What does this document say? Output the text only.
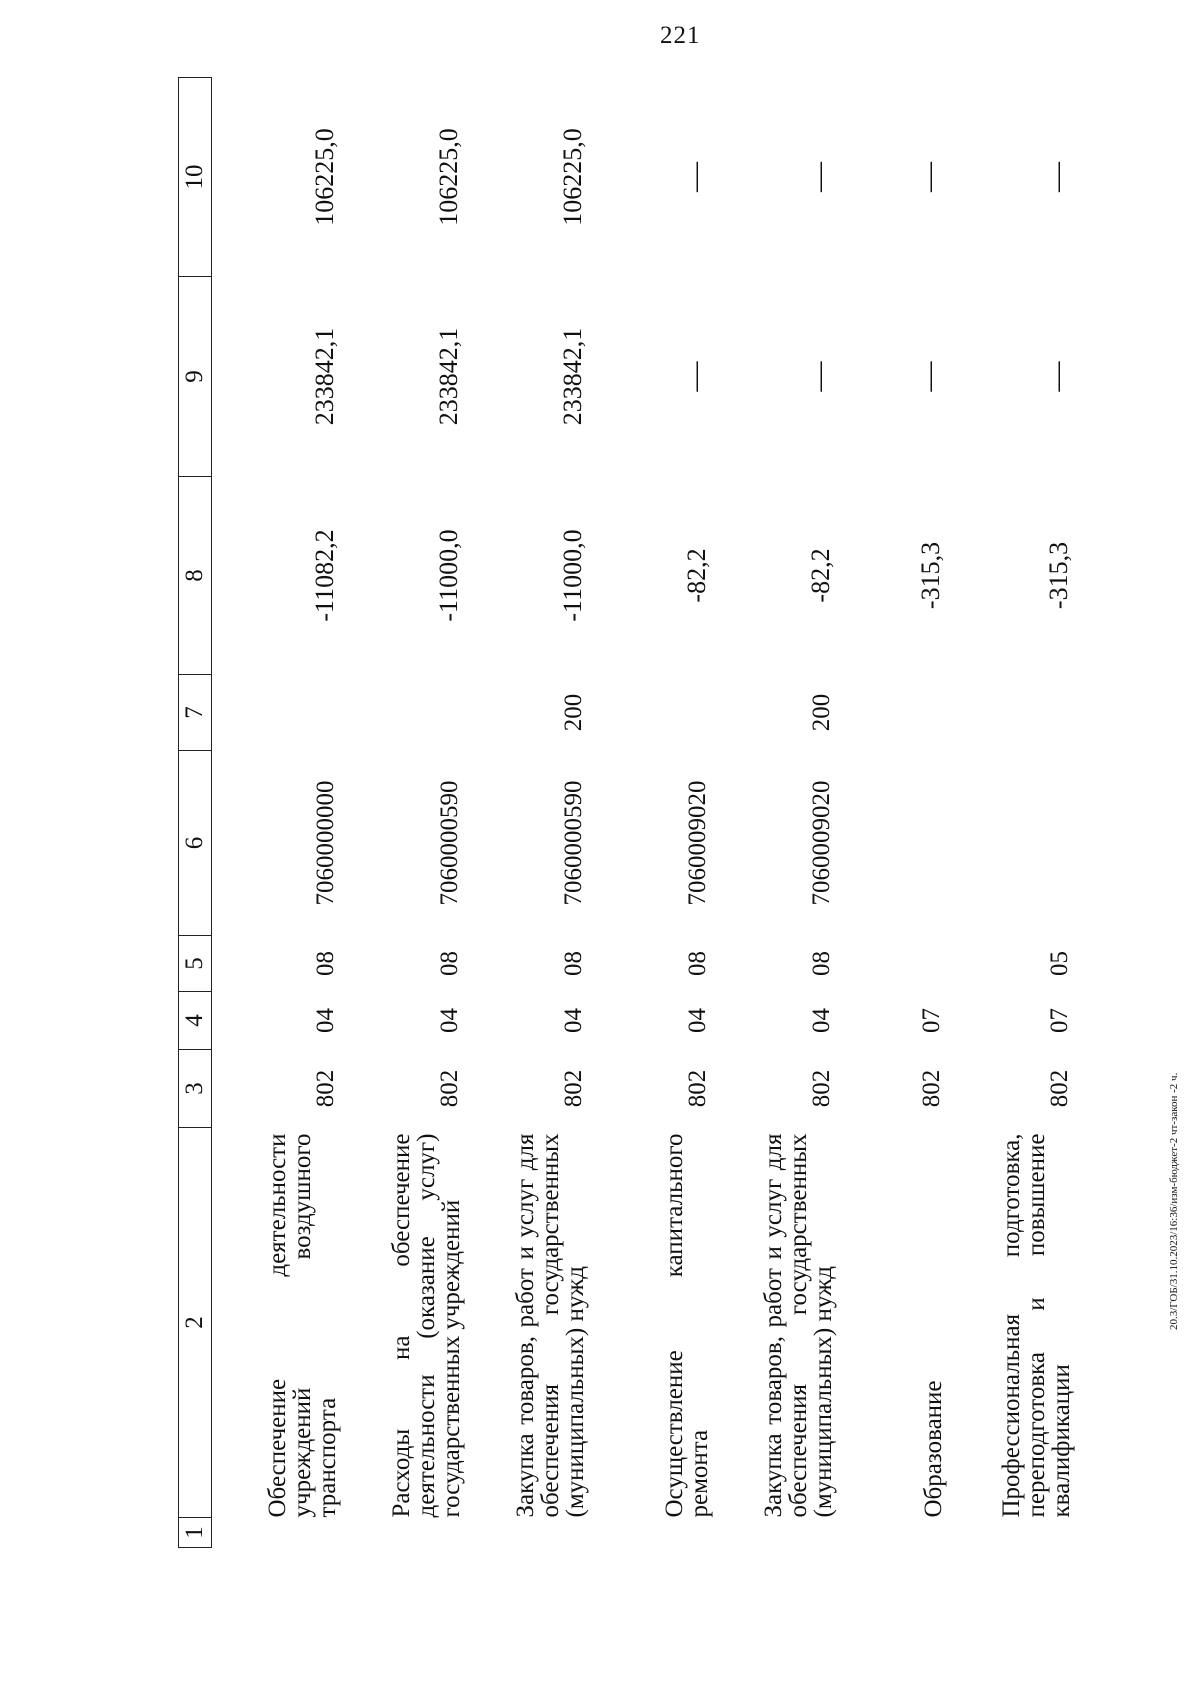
221
20.3/ГОБ/31.10.2023/16:36/изм-бюджет-2 чт-закон -2 ч.
1	2	3	4	5	6	7	8	9	10
	Обеспечение деятельности учреждений воздушного транспорта	802	04	08	7060000000		-11082,2	233842,1	106225,0
	Расходы на обеспечение деятельности (оказание услуг) государственных учреждений	802	04	08	7060000590		-11000,0	233842,1	106225,0
	Закупка товаров, работ и услуг для обеспечения государственных (муниципальных) нужд	802	04	08	7060000590	200	-11000,0	233842,1	106225,0
	Осуществление капитального ремонта	802	04	08	7060009020		-82,2	—	—
	Закупка товаров, работ и услуг для обеспечения государственных (муниципальных) нужд	802	04	08	7060009020	200	-82,2	—	—
	Образование	802	07				-315,3	—	—
	Профессиональная подготовка, переподготовка и повышение квалификации	802	07	05			-315,3	—	—
